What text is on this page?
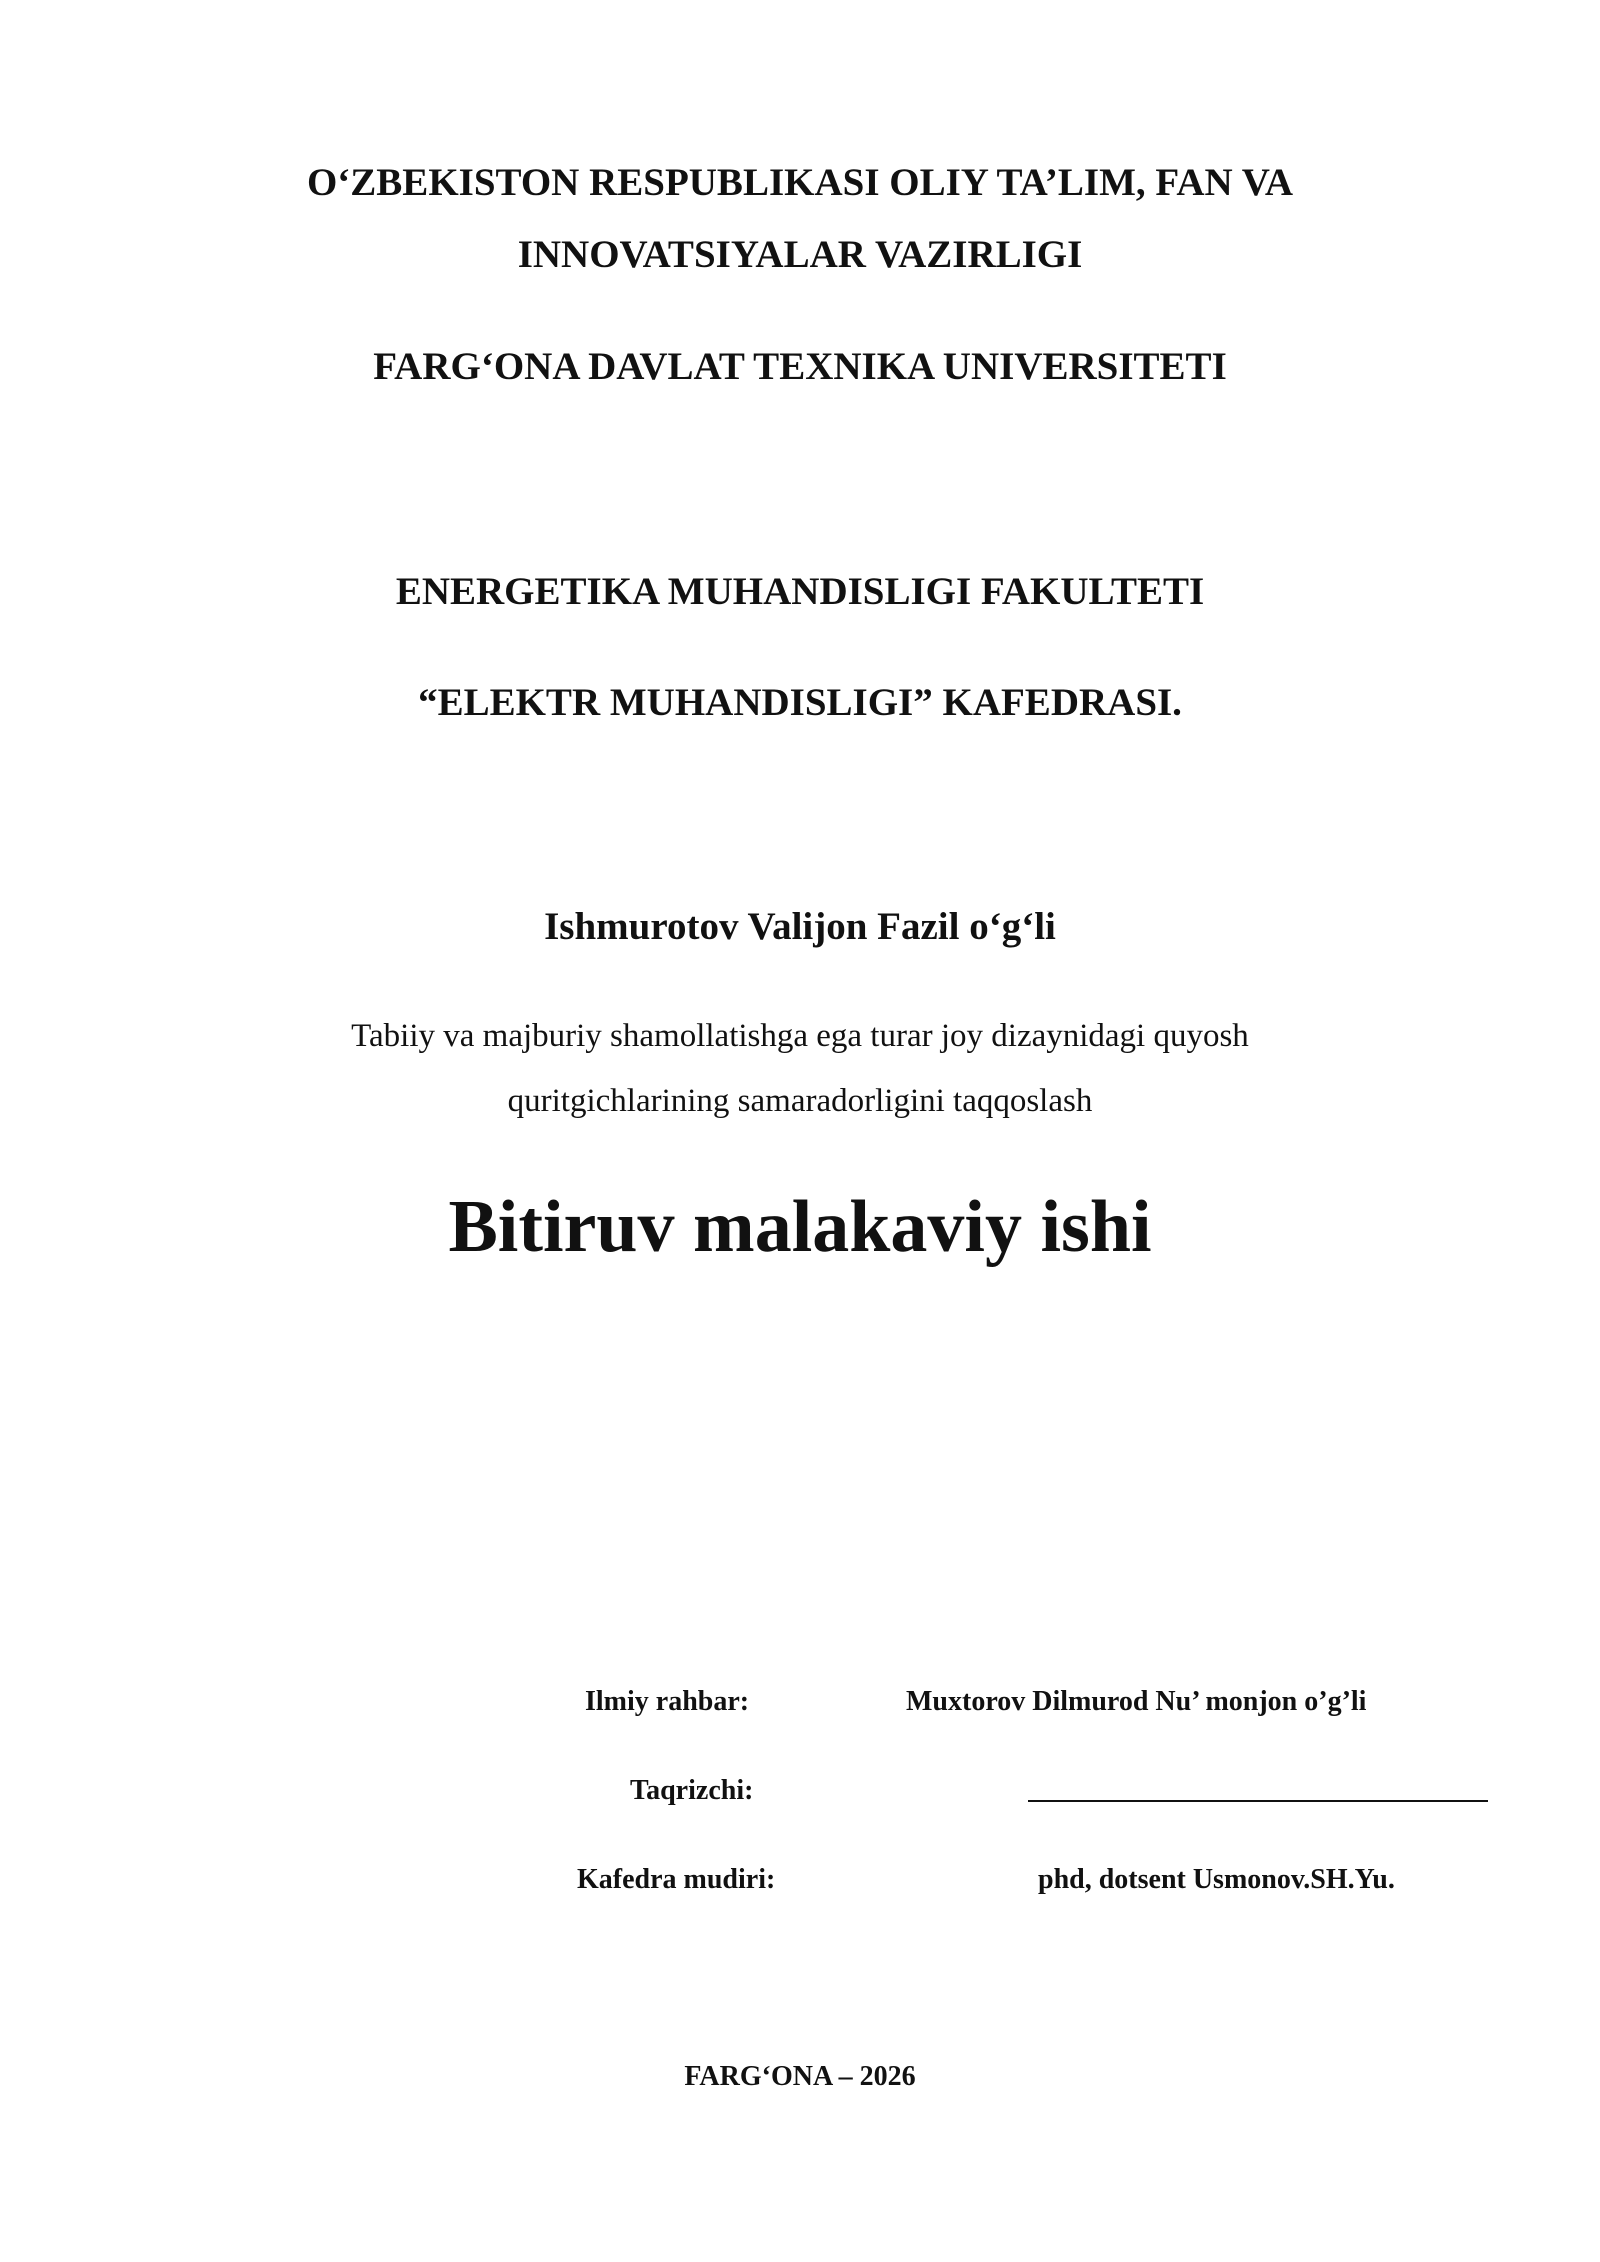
O‘ZBEKISTON RESPUBLIKASI OLIY TA’LIM, FAN VA
INNOVATSIYALAR VAZIRLIGI
FARG‘ONA DAVLAT TEXNIKA UNIVERSITETI
ENERGETIKA MUHANDISLIGI FAKULTETI
“ELEKTR MUHANDISLIGI” KAFEDRASI.
Ishmurotov Valijon Fazil o‘g‘li
Tabiiy va majburiy shamollatishga ega turar joy dizaynidagi quyosh
quritgichlarining samaradorligini taqqoslash
Bitiruv malakaviy ishi
Ilmiy rahbar:	Muxtorov Dilmurod Nu’ monjon o’g’li
Taqrizchi:
Kafedra mudiri:	phd, dotsent Usmonov.SH.Yu.
FARG‘ONA – 2026
